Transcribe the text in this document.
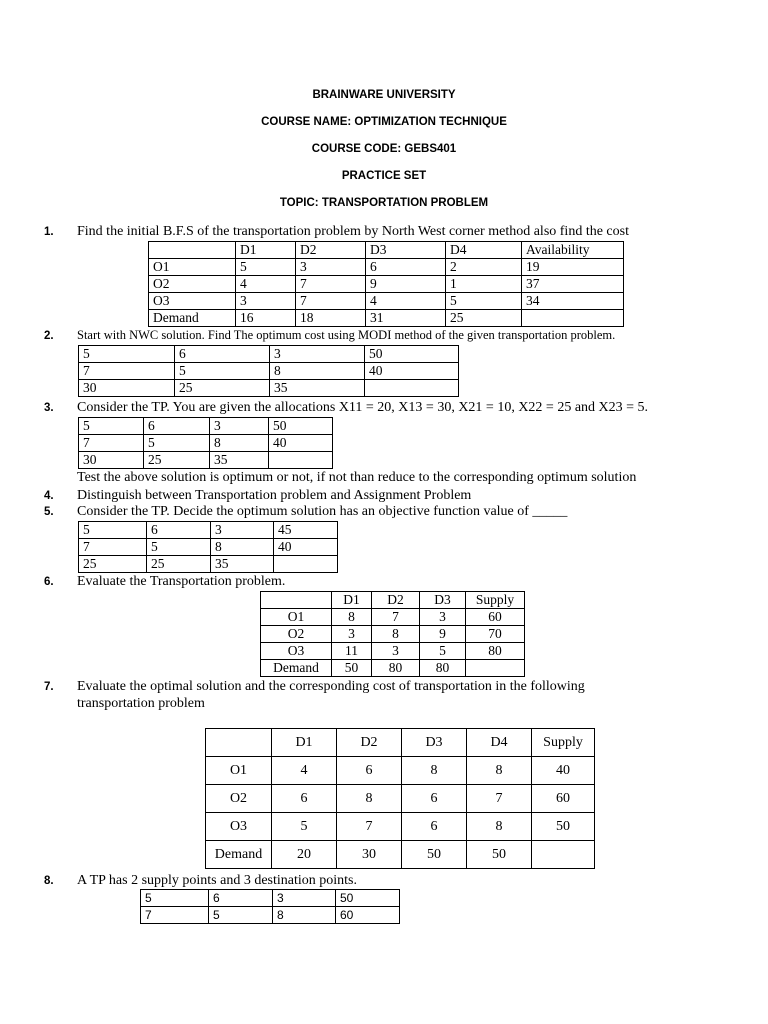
BRAINWARE UNIVERSITY
COURSE NAME: OPTIMIZATION TECHNIQUE
COURSE CODE: GEBS401
PRACTICE SET
TOPIC: TRANSPORTATION PROBLEM
1. Find the initial B.F.S of the transportation problem by North West corner method also find the cost
	D1	D2	D3	D4	Availability
O1	5	3	6	2	19
O2	4	7	9	1	37
O3	3	7	4	5	34
Demand	16	18	31	25	
2. Start with NWC solution. Find The optimum cost using MODI method of the given transportation problem.
5	6	3	50
7	5	8	40
30	25	35	
3. Consider the TP. You are given the allocations X11 = 20, X13 = 30, X21 = 10, X22 = 25 and X23 = 5.
5	6	3	50
7	5	8	40
30	25	35	
Test the above solution is optimum or not, if not than reduce to the corresponding optimum solution
4. Distinguish between Transportation problem and Assignment Problem
5. Consider the TP. Decide the optimum solution has an objective function value of _____
5	6	3	45
7	5	8	40
25	25	35	
6. Evaluate the Transportation problem.
	D1	D2	D3	Supply
O1	8	7	3	60
O2	3	8	9	70
O3	11	3	5	80
Demand	50	80	80	
7. Evaluate the optimal solution and the corresponding cost of transportation in the following
transportation problem
	D1	D2	D3	D4	Supply
O1	4	6	8	8	40
O2	6	8	6	7	60
O3	5	7	6	8	50
Demand	20	30	50	50	
8. A TP has 2 supply points and 3 destination points.
5	6	3	50
7	5	8	60
